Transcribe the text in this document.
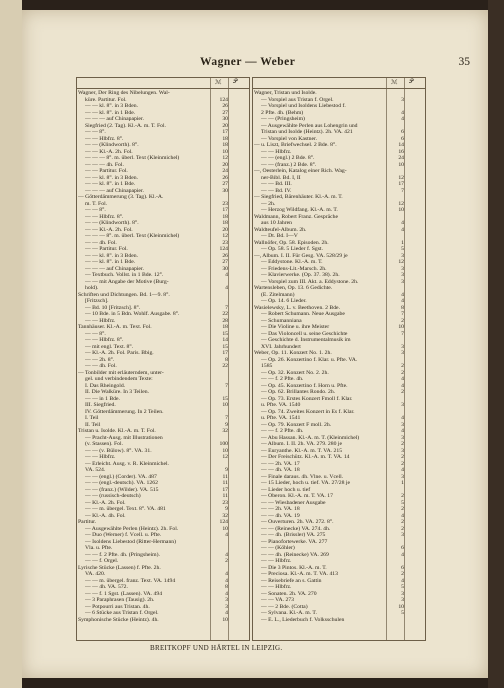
Wagner — Weber	35
ℳ 𝒫
Wagner, Der Ring des Nibelungen. Wal-
küre. Partitur. Fol.	124
— — kl. 8°. in 3 Bden.	26
— — kl. 8°. in 1 Bde.	27
— — — auf Chinapapier.	30
Siegfried (2. Tag). Kl.-A. m. T. Fol.	20
— — 8°.	17
— — Hlbfrz. 8°.	18
— — (Klindworth). 8°.	18
— — Kl.-A. 2h. Fol.	10
— — — 8°. m. überl. Text (Kleinmichel)	12
— — — 4h. Fol.	20
— — Partitur. Fol.	24
— — kl. 8°. in 3 Bden.	26
— — kl. 8°. in 1 Bde.	27
— — — auf Chinapapier.	30
— Götterdämmerung (3. Tag). Kl.-A.
m. T. Fol.	23
— — 8°.	17
— — Hlbfrz. 8°.	18
— — (Klindworth). 8°.	18
— — Kl.-A. 2h. Fol.	20
— — — 8°. m. überl. Text (Kleinmichel)	12
— — 4h. Fol.	23
— — Partitur. Fol.	124
— — kl. 8°. in 3 Bden.	26
— — kl. 8°. in 1 Bde.	27
— — — auf Chinapapier.	30
— Textbuch. Vollst. in 1 Bde. 12°.	4
— — mit Angabe der Motive (Burg-
hold).	4
Schriften und Dichtungen. Bd. 1—9. 8°.
[Fritzsch].
— Bd. 10 [Fritzsch]. 8°.	7
— 10 Bde. in 5 Bdn. Wohlf. Ausgabe. 8°.	22
— — Hlbfrz.	28
Tannhäuser. Kl.-A. m. Text. Fol.	18
— — 8°.	15
— — Hlbfrz. 8°.	14
— mit engl. Text. 8°.	15
— Kl.-A. 2h. Fol. Paris. Bbig.	17
— — 2h. 8°.	8
— — 4h. Fol.	22
— Tonbilder mit erläuterndem, unter-
gel. und verbindendem Texte:
I. Das Rheingold.	7
II. Die Walküre. In 3 Teilen.
— — in 1 Bde.	15
III. Siegfried.	10
IV. Götterdämmerung. In 2 Teilen.
I. Teil	7
II. Teil	9
Tristan u. Isolde. Kl.-A. m. T. Fol.	32
— Pracht-Ausg. mit Illustrationen
(v. Stassen). Fol.	100
— — (v. Bülow). 8°. VA. 31.	10
— — Hlbfrz.	12
— Erleicht. Ausg. v. R. Kleinmichel.
VA. 524.	9
— — (engl.) (Corder). VA. 487	11
— — (engl.-deutsch). VA. 1262	11
— — (franz.) (Wilder). VA. 515	17
— — (russisch-deutsch)	11
— Kl.-A. 2h. Fol.	23
— — m. übergel. Text. 8°. VA. 481	9
— Kl.-A. 4h. Fol.	32
Partitur.	124
— Ausgewählte Perlen (Heintz). 2h. Fol.	10
— Duo (Werner) f. Vcell. u. Pfte.	4
— Isoldens Liebestod (Ritter-Hermann)
Vla. u. Pfte.
— — f. 2 Pfte. 4h. (Pringsheim).	4
— — f. Orgel.	2
Lyrische Stücke (Lassen) f. Pfte. 2h.
VA. 420.	4
— — m. übergel. franz. Text. VA. 1494	4
— — 4h. VA. 572.	8
— — f. 1 Sgst. (Lassen). VA. 494	4
— 3 Paraphrasen (Tausig). 2h.	3
— Potpourri aus Tristan. 4h.	3
— 6 Stücke aus Tristan f. Orgel.	4
Symphonische Stücke (Heintz). 4h.	10
ℳ 𝒫
Wagner, Tristan und Isolde.
— Vorspiel aus Tristan f. Orgel.	3
— Vorspiel und Isoldens Liebestod f.
2 Pfte. 4h. (Behm)	4
— — (Pringsheim)	4
— Ausgewählte Perlen aus Lohengrin und
Tristan und Isolde (Heintz). 2h. VA. 421	6
— Vorspiel von Kastner.	6
— u. Liszt, Briefwechsel. 2 Bde. 8°.	14
— — Hlbfrz.	16
— — (engl.) 2 Bde. 8°.	24
— — (franz.) 2 Bde. 8°.	10
—, Oesterlein, Katalog einer Rich. Wag-
ner-Bibl. Bd. I, II	12
— — Bd. III.	17
— — Bd. IV.	7
— Siegfried, Bärenhäuter. Kl.-A. m. T.
— 2h.	12
— Herzog Wildfang. Kl.-A. m. T.	10
Waldmann, Robert Franz. Gespräche
aus 10 Jahren	4
Waldteufel-Album. 2h.	4
— Dt. Bd. I—V
Wallnöfer, Op. 58. Episoden. 2h.	1
— Op. 58. 5 Lieder f. Sgst.	5
—, Album. I. II. Für Gesg. VA. 528/29 je	3
— Eddystone. Kl.-A. m. T.	12
— Friedens-Lit.-Marsch. 2h.	3
— Klavierwerke. (Op. 37. 38). 2h.	3
— Vorspiel zum III. Akt. a. Eddystone. 2h.	3
Wartensleben, Op. 13. 6 Gedichte.
(E. Zitelmann)	4
— Op. 14. 6 Lieder.	4
Wasielewsky, L. v. Beethoven. 2 Bde.	8
— Robert Schumann. Neue Ausgabe	7
— Schumanniana	2
— Die Violine u. ihre Meister	10
— Das Violoncell u. seine Geschichte	7
— Geschichte d. Instrumentalmusik im
XVI. Jahrhundert	3
Weber, Op. 11. Konzert No. 1. 2h.	3
— Op. 26. Konzertino f. Klar. u. Pfte. VA.
1585	2
— Op. 32. Konzert No. 2. 2h.	2
— — f. 2 Pfte. 4h.	4
— Op. 45. Konzertino f. Horn u. Pfte.	4
— Op. 62. Brillantes Rondo. 2h.	2
— Op. 73. Erstes Konzert Fmoll f. Klar.
u. Pfte. VA. 1540	3
— Op. 74. Zweites Konzert in Es f. Klar.
u. Pfte. VA. 1541	4
— Op. 79. Konzert F moll. 2h.	3
— — f. 2 Pfte. 4h.	4
— Abu Hassan. Kl.-A. m. T. (Kleinmichel)	3
— Album. I. II. 2h. VA. 279. 280 je	2
— Euryanthe. Kl.-A. m. T. VA. 215	3
— Der Freischütz. Kl.-A. m. T. VA. 14	2
— — 2h. VA. 17	2
— — 4h. VA. 18	4
— Finale daraus. 4h. Vlne. u. Vcell.	3
— 15 Lieder, hoch u. tief. VA. 27/28 je	1
— Lieder hoch u. tief
— Oberon. Kl.-A. m. T. VA. 17	2
— — Wiesbadener Ausgabe	5
— — 2h. VA. 18	2
— — 4h. VA. 19	4
— Ouverturen. 2h. VA. 272. 8°.	2
— — (Reinecke) VA. 274. 4h.	2
— — 4h. (Brissler) VA. 275	3
— Pianofortewerke. VA. 277
— — (Köhler)	6
— — 4h. (Reinecke) VA. 269	4
— — Hlbfrz.
— Die 3 Pintos. Kl.-A. m. T.	6
— Preciosa. Kl.-A. m. T. VA. 413	2
— Reisebriefe an s. Gattin	4
— — Hlbfrz.	5
— Sonaten. 2h. VA. 270	3
— — VA. 273	3
— — 2 Bde. (Cotta)	10
— Sylvana. Kl.-A. m. T.	5
— E. L., Liederbuch f. Volksschulen
BREITKOPF UND HÄRTEL IN LEIPZIG.
